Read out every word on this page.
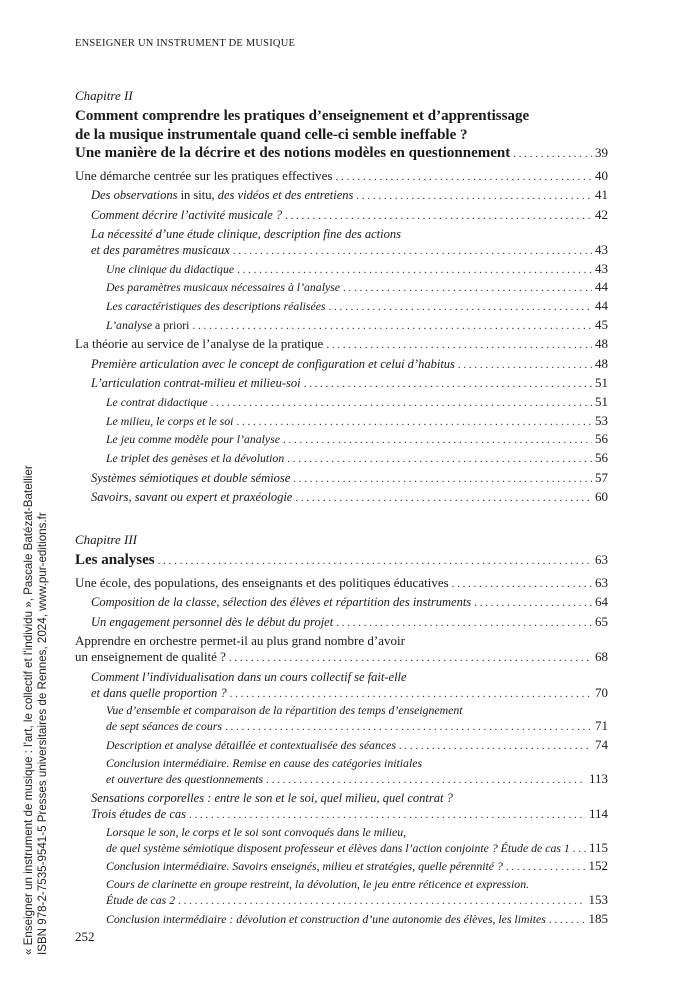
ENSEIGNER UN INSTRUMENT DE MUSIQUE
Chapitre II
Comment comprendre les pratiques d’enseignement et d’apprentissage
de la musique instrumentale quand celle-ci semble ineffable ?
Une manière de la décrire et des notions modèles en questionnement . . .	39
Une démarche centrée sur les pratiques effectives . . .	40
Des observations in situ, des vidéos et des entretiens . . .	41
Comment décrire l’activité musicale ? . . .	42
La nécessité d’une étude clinique, description fine des actions
et des paramètres musicaux . . .	43
Une clinique du didactique . . .	43
Des paramètres musicaux nécessaires à l’analyse . . .	44
Les caractéristiques des descriptions réalisées . . .	44
L’analyse a priori . . .	45
La théorie au service de l’analyse de la pratique . . .	48
Première articulation avec le concept de configuration et celui d’habitus . . .	48
L’articulation contrat-milieu et milieu-soi . . .	51
Le contrat didactique . . .	51
Le milieu, le corps et le soi . . .	53
Le jeu comme modèle pour l’analyse . . .	56
Le triplet des genèses et la dévolution . . .	56
Systèmes sémiotiques et double sémiose . . .	57
Savoirs, savant ou expert et praxéologie . . .	60
Chapitre III
Les analyses . . .	63
Une école, des populations, des enseignants et des politiques éducatives . . .	63
Composition de la classe, sélection des élèves et répartition des instruments . . .	64
Un engagement personnel dès le début du projet . . .	65
Apprendre en orchestre permet-il au plus grand nombre d’avoir
un enseignement de qualité ? . . .	68
Comment l’individualisation dans un cours collectif se fait-elle
et dans quelle proportion ? . . .	70
Vue d’ensemble et comparaison de la répartition des temps d’enseignement
de sept séances de cours . . .	71
Description et analyse détaillée et contextualisée des séances . . .	74
Conclusion intermédiaire. Remise en cause des catégories initiales
et ouverture des questionnements . . .	113
Sensations corporelles : entre le son et le soi, quel milieu, quel contrat ?
Trois études de cas . . .	114
Lorsque le son, le corps et le soi sont convoqués dans le milieu,
de quel système sémiotique disposent professeur et élèves dans l’action conjointe ? Étude de cas 1 . . . 115
Conclusion intermédiaire. Savoirs enseignés, milieu et stratégies, quelle pérennité ? . . .	152
Cours de clarinette en groupe restreint, la dévolution, le jeu entre réticence et expression.
Étude de cas 2 . . .	153
Conclusion intermédiaire : dévolution et construction d’une autonomie des élèves, les limites . . .	185
252
« Enseigner un instrument de musique : l'art, le collectif et l'individu », Pascale Batézat-Batellier ISBN 978-2-7535-9541-5 Presses universitaires de Rennes, 2024, www.pur-editions.fr
